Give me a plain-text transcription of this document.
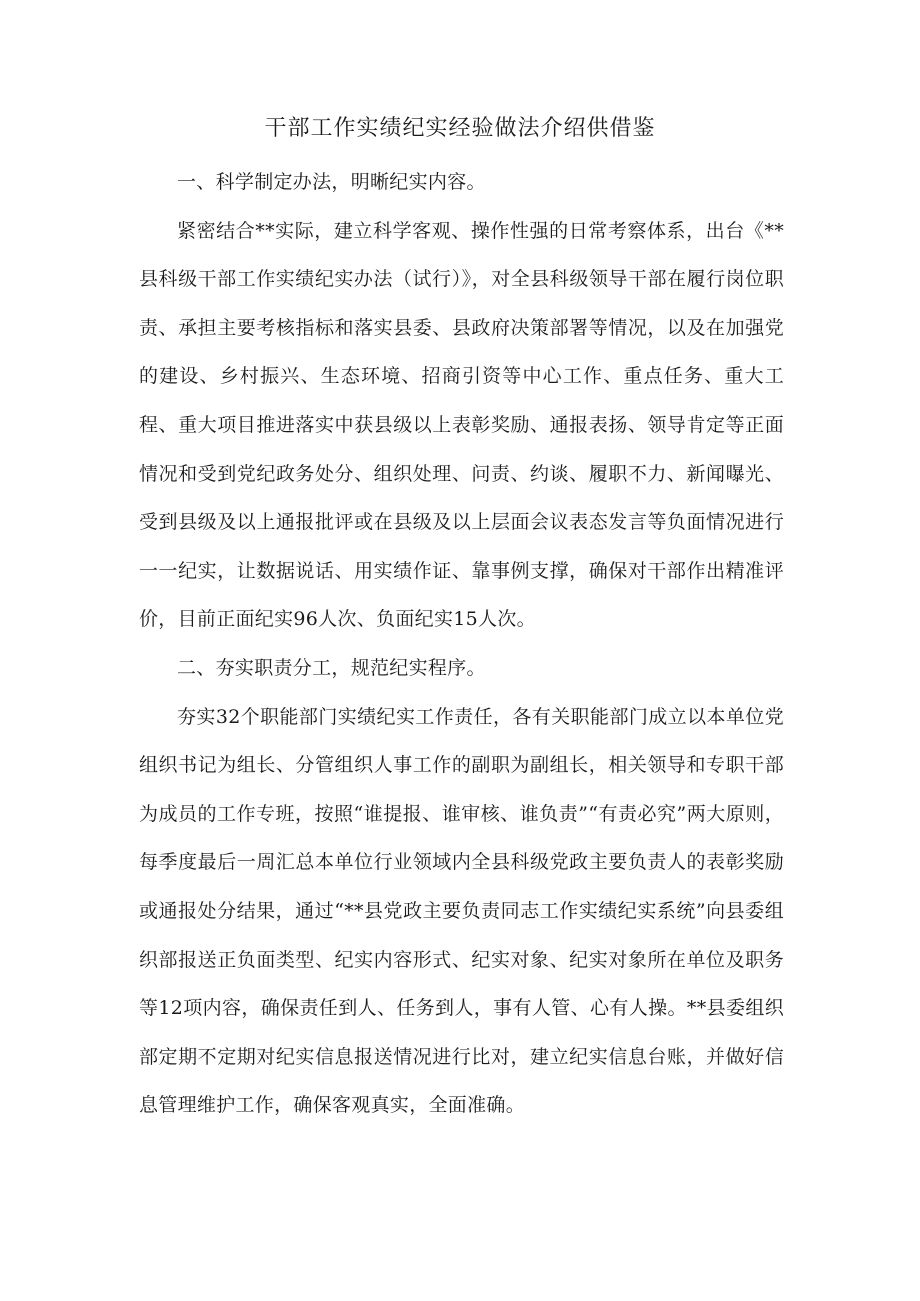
干部工作实绩纪实经验做法介绍供借鉴

一、科学制定办法，明晰纪实内容。

紧密结合**实际，建立科学客观、操作性强的日常考察体系，出台《**县科级干部工作实绩纪实办法（试行）》，对全县科级领导干部在履行岗位职责、承担主要考核指标和落实县委、县政府决策部署等情况，以及在加强党的建设、乡村振兴、生态环境、招商引资等中心工作、重点任务、重大工程、重大项目推进落实中获县级以上表彰奖励、通报表扬、领导肯定等正面情况和受到党纪政务处分、组织处理、问责、约谈、履职不力、新闻曝光、受到县级及以上通报批评或在县级及以上层面会议表态发言等负面情况进行一一纪实，让数据说话、用实绩作证、靠事例支撑，确保对干部作出精准评价，目前正面纪实96人次、负面纪实15人次。

二、夯实职责分工，规范纪实程序。

夯实32个职能部门实绩纪实工作责任，各有关职能部门成立以本单位党组织书记为组长、分管组织人事工作的副职为副组长，相关领导和专职干部为成员的工作专班，按照“谁提报、谁审核、谁负责”“有责必究”两大原则，每季度最后一周汇总本单位行业领域内全县科级党政主要负责人的表彰奖励或通报处分结果，通过“**县党政主要负责同志工作实绩纪实系统”向县委组织部报送正负面类型、纪实内容形式、纪实对象、纪实对象所在单位及职务等12项内容，确保责任到人、任务到人，事有人管、心有人操。**县委组织部定期不定期对纪实信息报送情况进行比对，建立纪实信息台账，并做好信息管理维护工作，确保客观真实，全面准确。
